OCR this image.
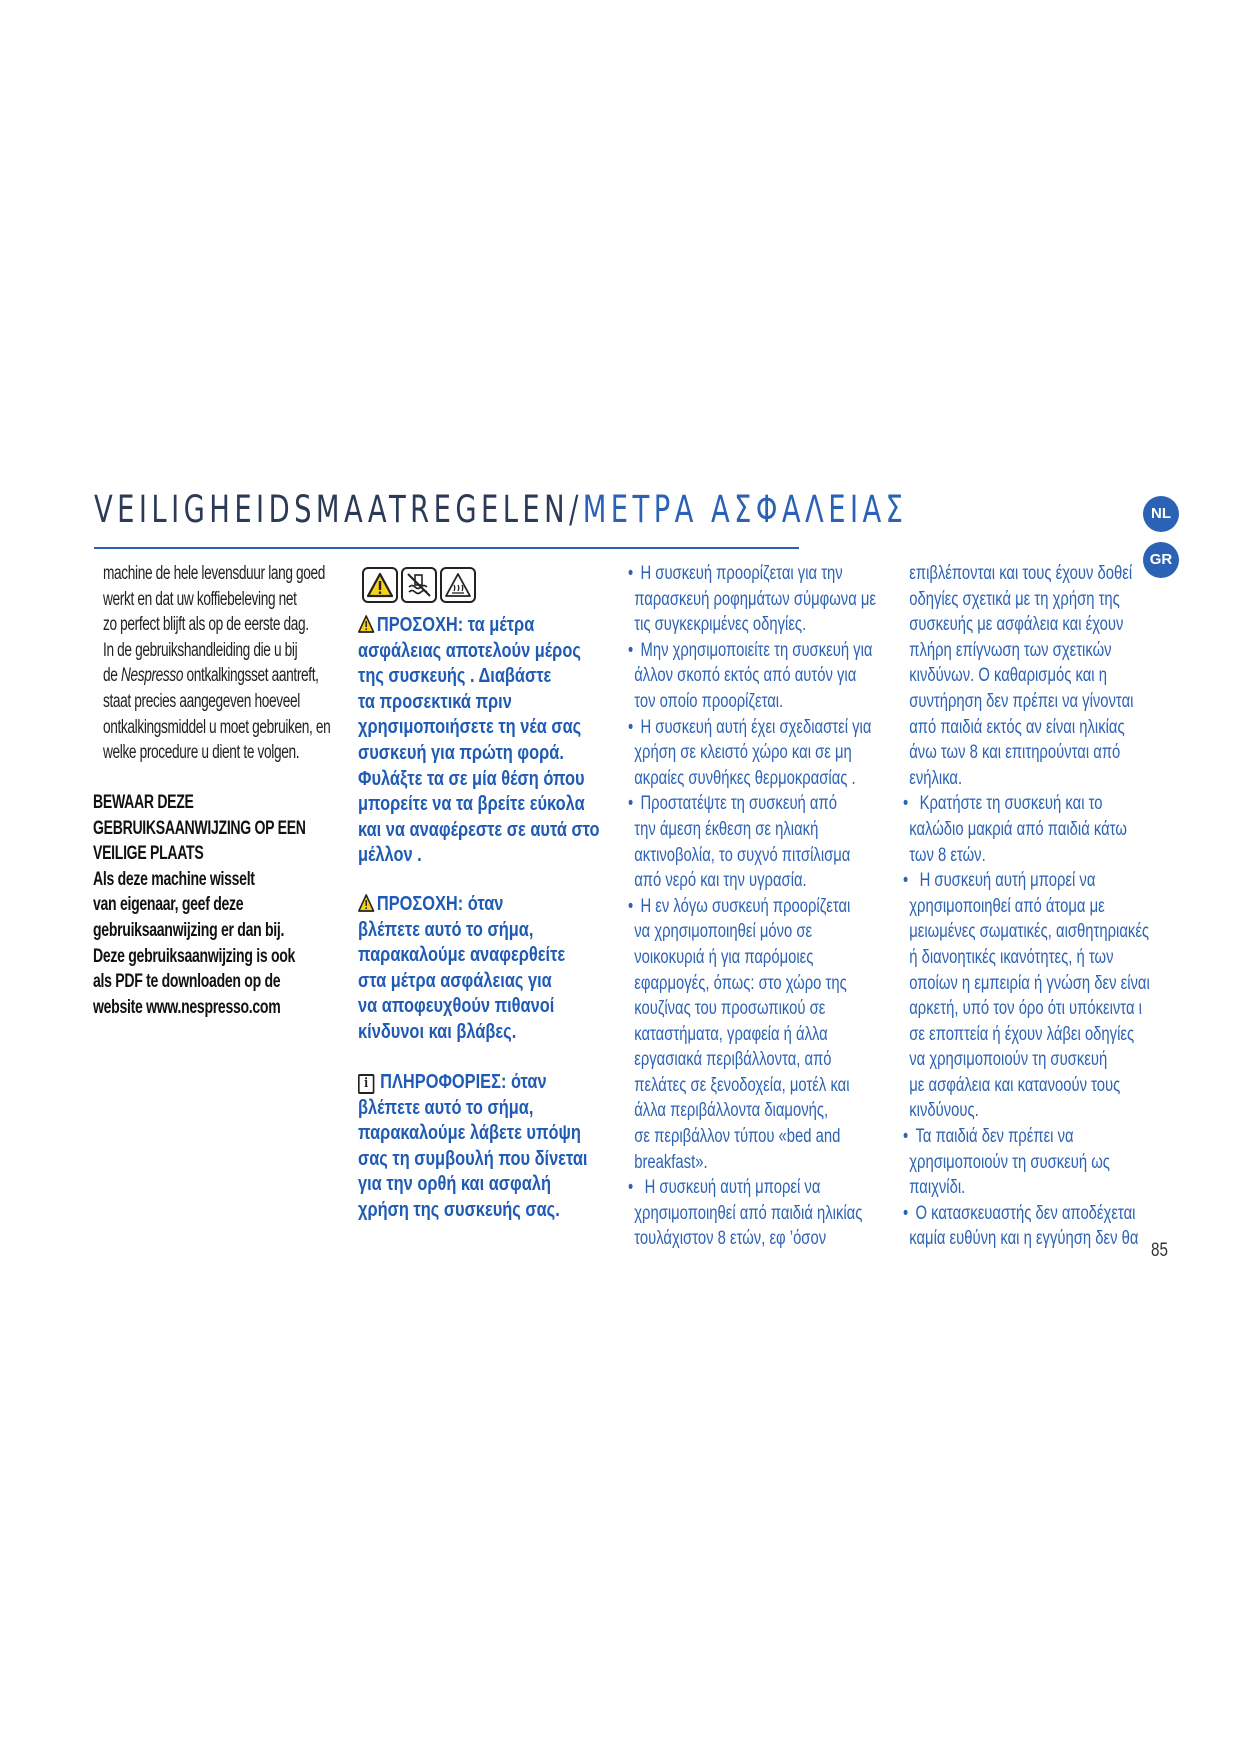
VEILIGHEIDSMAATREGELEN/ΜΕΤΡΑ ΑΣΦΑΛΕΙΑΣ	NL
GR
machine de hele levensduur lang goed
werkt en dat uw koffiebeleving net
zo perfect blijft als op de eerste dag.
In de gebruikshandleiding die u bij
de Nespresso ontkalkingsset aantreft,
staat precies aangegeven hoeveel
ontkalkingsmiddel u moet gebruiken, en
welke procedure u dient te volgen.
BEWAAR DEZE
GEBRUIKSAANWIJZING OP EEN
VEILIGE PLAATS
Als deze machine wisselt
van eigenaar, geef deze
gebruiksaanwijzing er dan bij.
Deze gebruiksaanwijzing is ook
als PDF te downloaden op de
website www.nespresso.com
ΠΡΟΣΟΧΗ: τα μέτρα
ασφάλειας αποτελούν μέρος
της συσκευής . Διαβάστε
τα προσεκτικά πριν
χρησιμοποιήσετε τη νέα σας
συσκευή για πρώτη φορά.
Φυλάξτε τα σε μία θέση όπου
μπορείτε να τα βρείτε εύκολα
και να αναφέρεστε σε αυτά στο
μέλλον .
ΠΡΟΣΟΧΗ: όταν
βλέπετε αυτό το σήμα,
παρακαλούμε αναφερθείτε
στα μέτρα ασφάλειας για
να αποφευχθούν πιθανοί
κίνδυνοι και βλάβες.
i ΠΛΗΡΟΦΟΡΙΕΣ: όταν
βλέπετε αυτό το σήμα,
παρακαλούμε λάβετε υπόψη
σας τη συμβουλή που δίνεται
για την ορθή και ασφαλή
χρήση της συσκευής σας.
• Η συσκευή προορίζεται για την
παρασκευή ροφημάτων σύμφωνα με
τις συγκεκριμένες οδηγίες.
• Μην χρησιμοποιείτε τη συσκευή για
άλλον σκοπό εκτός από αυτόν για
τον οποίο προορίζεται.
• Η συσκευή αυτή έχει σχεδιαστεί για
χρήση σε κλειστό χώρο και σε μη
ακραίες συνθήκες θερμοκρασίας .
• Προστατέψτε τη συσκευή από
την άμεση έκθεση σε ηλιακή
ακτινοβολία, το συχνό πιτσίλισμα
από νερό και την υγρασία.
• Η εν λόγω συσκευή προορίζεται
να χρησιμοποιηθεί μόνο σε
νοικοκυριά ή για παρόμοιες
εφαρμογές, όπως: στο χώρο της
κουζίνας του προσωπικού σε
καταστήματα, γραφεία ή άλλα
εργασιακά περιβάλλοντα, από
πελάτες σε ξενοδοχεία, μοτέλ και
άλλα περιβάλλοντα διαμονής,
σε περιβάλλον τύπου «bed and
breakfast».
• Η συσκευή αυτή μπορεί να
χρησιμοποιηθεί από παιδιά ηλικίας
τουλάχιστον 8 ετών, εφ ’όσον
επιβλέπονται και τους έχουν δοθεί
οδηγίες σχετικά με τη χρήση της
συσκευής με ασφάλεια και έχουν
πλήρη επίγνωση των σχετικών
κινδύνων. Ο καθαρισμός και η
συντήρηση δεν πρέπει να γίνονται
από παιδιά εκτός αν είναι ηλικίας
άνω των 8 και επιτηρούνται από
ενήλικα.
• Κρατήστε τη συσκευή και το
καλώδιο μακριά από παιδιά κάτω
των 8 ετών.
• Η συσκευή αυτή μπορεί να
χρησιμοποιηθεί από άτομα με
μειωμένες σωματικές, αισθητηριακές
ή διανοητικές ικανότητες, ή των
οποίων η εμπειρία ή γνώση δεν είναι
αρκετή, υπό τον όρο ότι υπόκειντα ι
σε εποπτεία ή έχουν λάβει οδηγίες
να χρησιμοποιούν τη συσκευή
με ασφάλεια και κατανοούν τους
κινδύνους.
• Τα παιδιά δεν πρέπει να
χρησιμοποιούν τη συσκευή ως
παιχνίδι.
• Ο κατασκευαστής δεν αποδέχεται
καμία ευθύνη και η εγγύηση δεν θα
85
